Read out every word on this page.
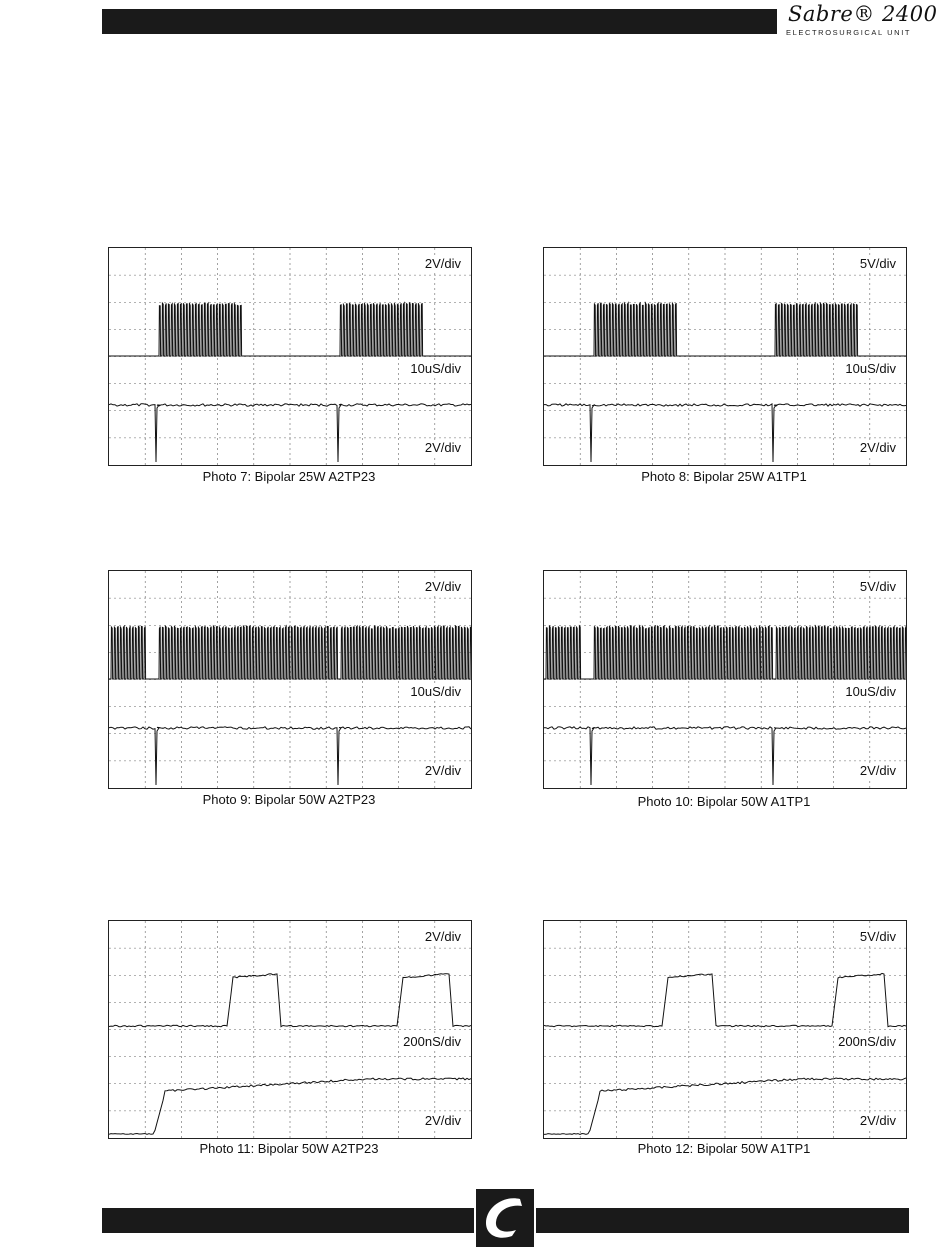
Sabre® 2400
ELECTROSURGICAL UNIT
2V/div
10uS/div
2V/div
Photo 7: Bipolar 25W A2TP23
5V/div
10uS/div
2V/div
Photo 8: Bipolar 25W A1TP1
2V/div
10uS/div
2V/div
Photo 9: Bipolar 50W A2TP23
5V/div
10uS/div
2V/div
Photo 10: Bipolar 50W A1TP1
2V/div
200nS/div
2V/div
Photo 11: Bipolar 50W A2TP23
5V/div
200nS/div
2V/div
Photo 12: Bipolar 50W A1TP1
